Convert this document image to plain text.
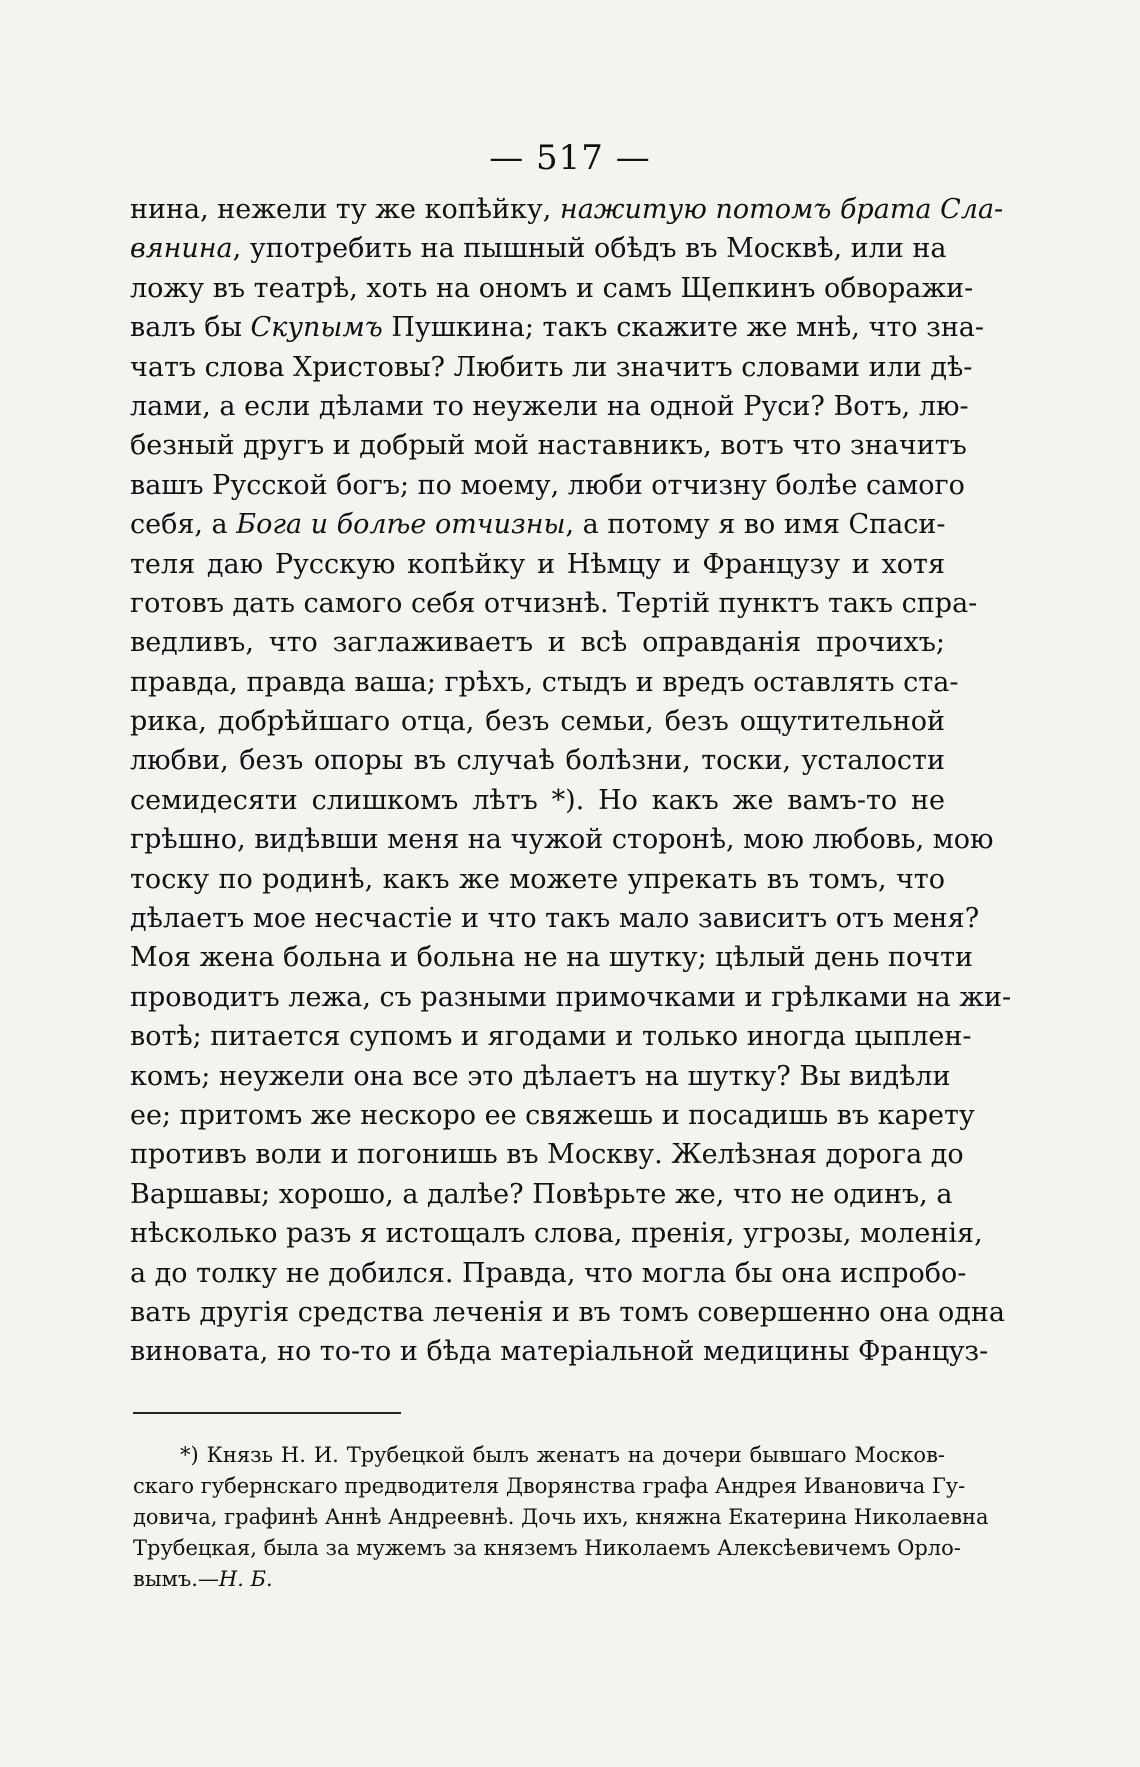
— 517 —
нина, нежели ту же копѣйку, нажитую потомъ брата Сла-
вянина, употребить на пышный обѣдъ въ Москвѣ, или на
ложу въ театрѣ, хоть на ономъ и самъ Щепкинъ обворажи-
валъ бы Скупымъ Пушкина; такъ скажите же мнѣ, что зна-
чатъ слова Христовы? Любить ли значитъ словами или дѣ-
лами, а если дѣлами то неужели на одной Руси? Вотъ, лю-
безный другъ и добрый мой наставникъ, вотъ что значитъ
вашъ Русской богъ; по моему, люби отчизну болѣе самого
себя, а Бога и болѣе отчизны, а потому я во имя Спаси-
теля даю Русскую копѣйку и Нѣмцу и Французу и хотя
готовъ дать самого себя отчизнѣ. Тертій пунктъ такъ спра-
ведливъ, что заглаживаетъ и всѣ оправданія прочихъ;
правда, правда ваша; грѣхъ, стыдъ и вредъ оставлять ста-
рика, добрѣйшаго отца, безъ семьи, безъ ощутительной
любви, безъ опоры въ случаѣ болѣзни, тоски, усталости
семидесяти слишкомъ лѣтъ *). Но какъ же вамъ-то не
грѣшно, видѣвши меня на чужой сторонѣ, мою любовь, мою
тоску по родинѣ, какъ же можете упрекать въ томъ, что
дѣлаетъ мое несчастіе и что такъ мало зависитъ отъ меня?
Моя жена больна и больна не на шутку; цѣлый день почти
проводитъ лежа, съ разными примочками и грѣлками на жи-
вотѣ; питается супомъ и ягодами и только иногда цыплен-
комъ; неужели она все это дѣлаетъ на шутку? Вы видѣли
ее; притомъ же нескоро ее свяжешь и посадишь въ карету
противъ воли и погонишь въ Москву. Желѣзная дорога до
Варшавы; хорошо, а далѣе? Повѣрьте же, что не одинъ, а
нѣсколько разъ я истощалъ слова, пренія, угрозы, моленія,
а до толку не добился. Правда, что могла бы она испробо-
вать другія средства леченія и въ томъ совершенно она одна
виновата, но то-то и бѣда матеріальной медицины Францyз-
*) Князь Н. И. Трубецкой былъ женатъ на дочери бывшаго Москов-
скаго губернскаго предводителя Дворянства графа Андрея Ивановича Гу-
довича, графинѣ Аннѣ Андреевнѣ. Дочь ихъ, княжна Екатерина Николаевна
Трубецкая, была за мужемъ за княземъ Николаемъ Алексѣевичемъ Орло-
вымъ.—Н. Б.
